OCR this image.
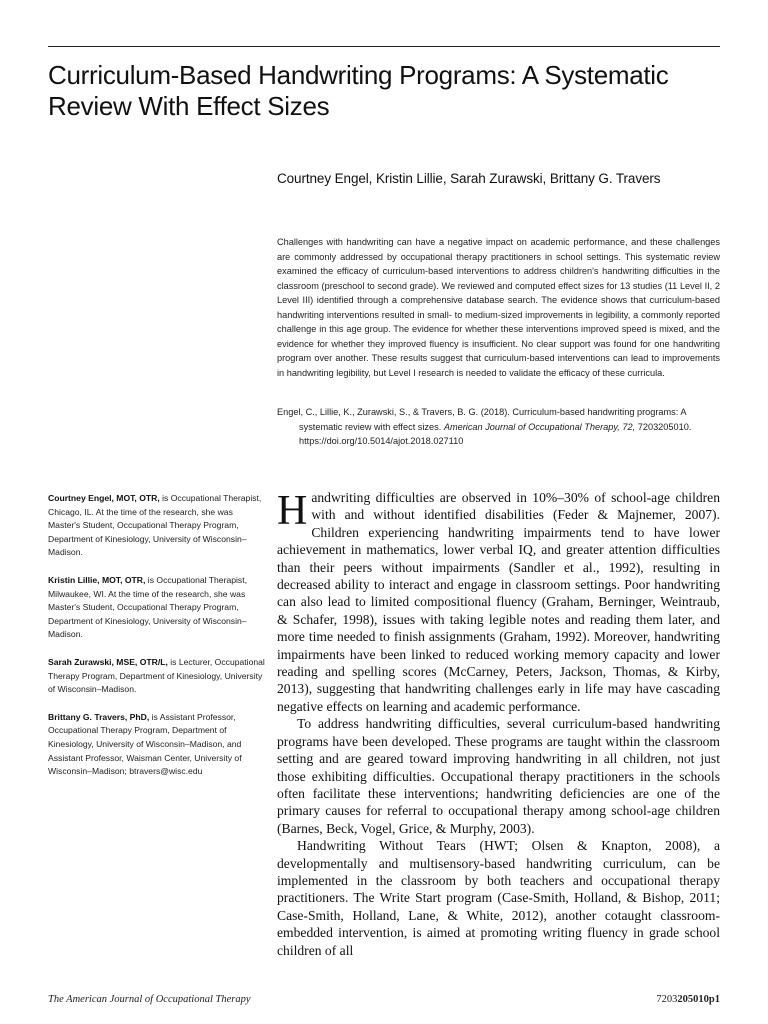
Curriculum-Based Handwriting Programs: A Systematic Review With Effect Sizes
Courtney Engel, Kristin Lillie, Sarah Zurawski, Brittany G. Travers

Challenges with handwriting can have a negative impact on academic performance, and these challenges are commonly addressed by occupational therapy practitioners in school settings. This systematic review examined the efficacy of curriculum-based interventions to address children's handwriting difficulties in the classroom (preschool to second grade). We reviewed and computed effect sizes for 13 studies (11 Level II, 2 Level III) identified through a comprehensive database search. The evidence shows that curriculum-based handwriting interventions resulted in small- to medium-sized improvements in legibility, a commonly reported challenge in this age group. The evidence for whether these interventions improved speed is mixed, and the evidence for whether they improved fluency is insufficient. No clear support was found for one handwriting program over another. These results suggest that curriculum-based interventions can lead to improvements in handwriting legibility, but Level I research is needed to validate the efficacy of these curricula.

Engel, C., Lillie, K., Zurawski, S., & Travers, B. G. (2018). Curriculum-based handwriting programs: A systematic review with effect sizes. American Journal of Occupational Therapy, 72, 7203205010. https://doi.org/10.5014/ajot.2018.027110

Courtney Engel, MOT, OTR, is Occupational Therapist, Chicago, IL. At the time of the research, she was Master's Student, Occupational Therapy Program, Department of Kinesiology, University of Wisconsin–Madison.

Kristin Lillie, MOT, OTR, is Occupational Therapist, Milwaukee, WI. At the time of the research, she was Master's Student, Occupational Therapy Program, Department of Kinesiology, University of Wisconsin–Madison.

Sarah Zurawski, MSE, OTR/L, is Lecturer, Occupational Therapy Program, Department of Kinesiology, University of Wisconsin–Madison.

Brittany G. Travers, PhD, is Assistant Professor, Occupational Therapy Program, Department of Kinesiology, University of Wisconsin–Madison, and Assistant Professor, Waisman Center, University of Wisconsin–Madison; btravers@wisc.edu

Handwriting difficulties are observed in 10%–30% of school-age children with and without identified disabilities (Feder & Majnemer, 2007). Children experiencing handwriting impairments tend to have lower achievement in mathematics, lower verbal IQ, and greater attention difficulties than their peers without impairments (Sandler et al., 1992), resulting in decreased ability to interact and engage in classroom settings. Poor handwriting can also lead to limited compositional fluency (Graham, Berninger, Weintraub, & Schafer, 1998), issues with taking legible notes and reading them later, and more time needed to finish assignments (Graham, 1992). Moreover, handwriting impairments have been linked to reduced working memory capacity and lower reading and spelling scores (McCarney, Peters, Jackson, Thomas, & Kirby, 2013), suggesting that handwriting challenges early in life may have cascading negative effects on learning and academic performance.

To address handwriting difficulties, several curriculum-based handwriting programs have been developed. These programs are taught within the classroom setting and are geared toward improving handwriting in all children, not just those exhibiting difficulties. Occupational therapy practitioners in the schools often facilitate these interventions; handwriting deficiencies are one of the primary causes for referral to occupational therapy among school-age children (Barnes, Beck, Vogel, Grice, & Murphy, 2003).

Handwriting Without Tears (HWT; Olsen & Knapton, 2008), a developmentally and multisensory-based handwriting curriculum, can be implemented in the classroom by both teachers and occupational therapy practitioners. The Write Start program (Case-Smith, Holland, & Bishop, 2011; Case-Smith, Holland, Lane, & White, 2012), another cotaught classroom-embedded intervention, is aimed at promoting writing fluency in grade school children of all

The American Journal of Occupational Therapy	7203205010p1
